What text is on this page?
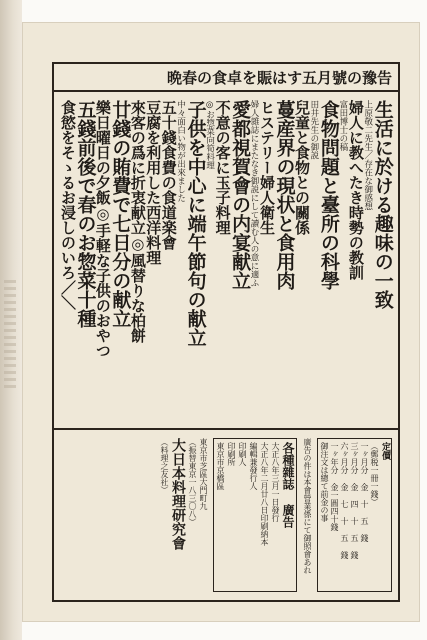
晩春の食卓を賑はす五月號の豫告
生活に於ける趣味の一致
上原敬二先生／存在な御感想
婦人に教へたき時勢の教訓
富田博士の稿
食物問題と臺所の科學
田井先生の御説
兒童と食物との關係
蔓産界の現状と食用肉
ヒステリー婦人衛生
婦人雜誌にまたなき御説にして讀む人の意に適ふ
愛都視賀會の内宴献立
不意の客に玉子料理
◎お惣菜向筍料理
子供を中心に端午節句の献立
中々面白い物が出來ました
五十錢食費の食道楽會
豆腐を利用した西洋料理
來客の爲に折衷献立◎風替りな柏餅
廿錢の賄費で七日分の献立
樂日曜日の夕飯◎手軽な子供のおやつ
五錢前後で春のお惣菜十種
食慾をそゝるお浸しのいろ／＼
定價
（郵税一冊一錢）
一ヶ月分 金 十 五 錢
三ヶ月分 金 四 十 五 錢
六ヶ月分 金 七 十 五 錢
一ヶ年分 金一圓四十錢
御注文は總て前金の事
廣告の件は本會營業係にて御照會あれ
各種雜誌 廣告
大正八年三月一日發行
大正八年二月廿八日印刷納本
編輯兼發行人
印刷人
印刷所
東京市京橋區
東京市芝區大門町九
（振替東京一八三〇八）
大日本料理研究會
（料理之友社）
